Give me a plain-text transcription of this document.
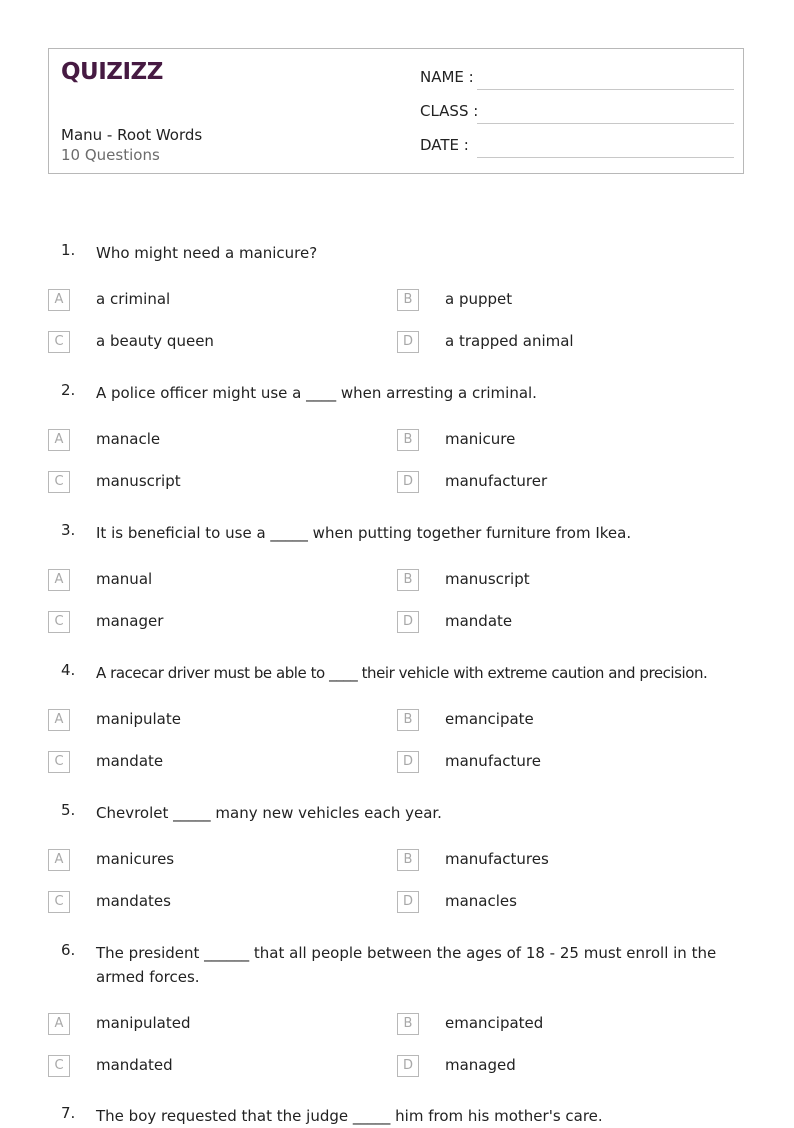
QUIZIZZ
Manu - Root Words
10 Questions
NAME :
CLASS :
DATE :
1. Who might need a manicure?
A	a criminal	B	a puppet
C	a beauty queen	D	a trapped animal
2. A police officer might use a ____ when arresting a criminal.
A	manacle	B	manicure
C	manuscript	D	manufacturer
3. It is beneficial to use a _____ when putting together furniture from Ikea.
A	manual	B	manuscript
C	manager	D	mandate
4. A racecar driver must be able to ____ their vehicle with extreme caution and precision.
A	manipulate	B	emancipate
C	mandate	D	manufacture
5. Chevrolet _____ many new vehicles each year.
A	manicures	B	manufactures
C	mandates	D	manacles
6. The president ______ that all people between the ages of 18 - 25 must enroll in the armed forces.
A	manipulated	B	emancipated
C	mandated	D	managed
7. The boy requested that the judge _____ him from his mother's care.
